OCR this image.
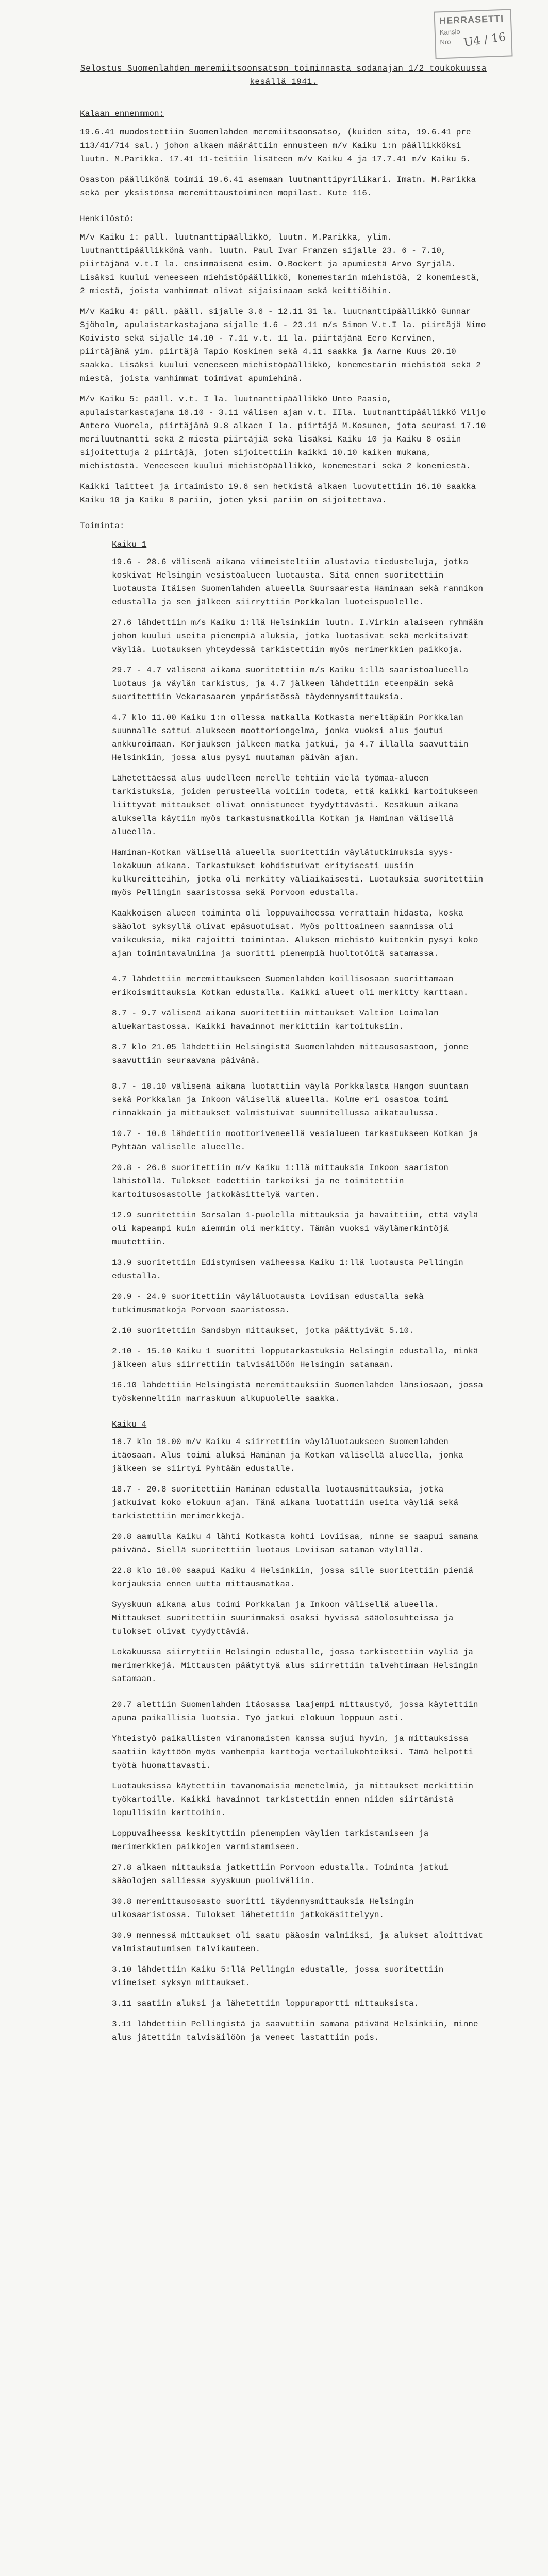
HERRASETTI
Kansio
Nro	U4 / 16
Selostus Suomenlahden meremiitsoonsatson toiminnasta sodanajan 1/2 toukokuussa kesällä 1941.
Kalaan ennenmmon:
19.6.41 muodostettiin Suomenlahden meremiitsoonsatso, (kuiden sita, 19.6.41 pre 113/41/714 sal.) johon alkaen määrättiin ennusteen m/v Kaiku 1:n päällikköksi luutn. M.Parikka. 17.41 11-teitiin lisäteen m/v Kaiku 4 ja 17.7.41 m/v Kaiku 5.
Osaston päällikönä toimii 19.6.41 asemaan luutnanttipyrilikari. Imatn. M.Parikka sekä per yksistönsa meremittaustoiminen mopilast. Kute 116.
Henkilöstö:
M/v Kaiku 1: päll. luutnanttipäällikkö, luutn. M.Parikka, ylim. luutnanttipäällikkönä vanh. luutn. Paul Ivar Franzen sijalle 23. 6 - 7.10, piirtäjänä v.t.I la. ensimmäisenä esim. O.Bockert ja apumiestä Arvo Syrjälä. Lisäksi kuului veneeseen miehistöpäällikkö, konemestarin miehistöä, 2 konemiestä, 2 miestä, joista vanhimmat olivat sijaisinaan sekä keittiöihin.
M/v Kaiku 4: päll. pääll. sijalle 3.6 - 12.11 31 la. luutnanttipäällikkö Gunnar Sjöholm, apulaistarkastajana sijalle 1.6 - 23.11 m/s Simon V.t.I la. piirtäjä Nimo Koivisto sekä sijalle 14.10 - 7.11 v.t. 11 la. piirtäjänä Eero Kervinen, piirtäjänä yim. piirtäjä Tapio Koskinen sekä 4.11 saakka ja Aarne Kuus 20.10 saakka. Lisäksi kuului veneeseen miehistöpäällikkö, konemestarin miehistöä sekä 2 miestä, joista vanhimmat toimivat apumiehinä.
M/v Kaiku 5: pääll. v.t. I la. luutnanttipäällikkö Unto Paasio, apulaistarkastajana 16.10 - 3.11 välisen ajan v.t. IIla. luutnanttipäällikkö Viljo Antero Vuorela, piirtäjänä 9.8 alkaen I la. piirtäjä M.Kosunen, jota seurasi 17.10 meriluutnantti sekä 2 miestä piirtäjiä sekä lisäksi Kaiku 10 ja Kaiku 8 osiin sijoitettuja 2 piirtäjä, joten sijoitettiin kaikki 10.10 kaiken mukana, miehistöstä. Veneeseen kuului miehistöpäällikkö, konemestari sekä 2 konemiestä.
Kaikki laitteet ja irtaimisto 19.6 sen hetkistä alkaen luovutettiin 16.10 saakka Kaiku 10 ja Kaiku 8 pariin, joten yksi pariin on sijoitettava.
Toiminta:
Kaiku 1
19.6 - 28.6 välisenä aikana viimeisteltiin alustavia tiedusteluja, jotka koskivat Helsingin vesistöalueen luotausta. Sitä ennen suoritettiin luotausta Itäisen Suomenlahden alueella Suursaaresta Haminaan sekä rannikon edustalla ja sen jälkeen siirryttiin Porkkalan luoteispuolelle.
27.6 lähdettiin m/s Kaiku 1:llä Helsinkiin luutn. I.Virkin alaiseen ryhmään johon kuului useita pienempiä aluksia, jotka luotasivat sekä merkitsivät väyliä. Luotauksen yhteydessä tarkistettiin myös merimerkkien paikkoja.
29.7 - 4.7 välisenä aikana suoritettiin m/s Kaiku 1:llä saaristoalueella luotaus ja väylän tarkistus, ja 4.7 jälkeen lähdettiin eteenpäin sekä suoritettiin Vekarasaaren ympäristössä täydennysmittauksia.
4.7 klo 11.00 Kaiku 1:n ollessa matkalla Kotkasta mereltäpäin Porkkalan suunnalle sattui alukseen moottoriongelma, jonka vuoksi alus joutui ankkuroimaan. Korjauksen jälkeen matka jatkui, ja 4.7 illalla saavuttiin Helsinkiin, jossa alus pysyi muutaman päivän ajan.
Lähetettäessä alus uudelleen merelle tehtiin vielä työmaa-alueen tarkistuksia, joiden perusteella voitiin todeta, että kaikki kartoitukseen liittyvät mittaukset olivat onnistuneet tyydyttävästi. Kesäkuun aikana aluksella käytiin myös tarkastusmatkoilla Kotkan ja Haminan välisellä alueella.
Haminan-Kotkan välisellä alueella suoritettiin väylätutkimuksia syys-lokakuun aikana. Tarkastukset kohdistuivat erityisesti uusiin kulkureitteihin, jotka oli merkitty väliaikaisesti. Luotauksia suoritettiin myös Pellingin saaristossa sekä Porvoon edustalla.
Kaakkoisen alueen toiminta oli loppuvaiheessa verrattain hidasta, koska sääolot syksyllä olivat epäsuotuisat. Myös polttoaineen saannissa oli vaikeuksia, mikä rajoitti toimintaa. Aluksen miehistö kuitenkin pysyi koko ajan toimintavalmiina ja suoritti pienempiä huoltotöitä satamassa.
4.7 lähdettiin meremittaukseen Suomenlahden koillisosaan suorittamaan erikoismittauksia Kotkan edustalla. Kaikki alueet oli merkitty karttaan.
8.7 - 9.7 välisenä aikana suoritettiin mittaukset Valtion Loimalan aluekartastossa. Kaikki havainnot merkittiin kartoituksiin.
8.7 klo 21.05 lähdettiin Helsingistä Suomenlahden mittausosastoon, jonne saavuttiin seuraavana päivänä.
8.7 - 10.10 välisenä aikana luotattiin väylä Porkkalasta Hangon suuntaan sekä Porkkalan ja Inkoon välisellä alueella. Kolme eri osastoa toimi rinnakkain ja mittaukset valmistuivat suunnitellussa aikataulussa.
10.7 - 10.8 lähdettiin moottoriveneellä vesialueen tarkastukseen Kotkan ja Pyhtään väliselle alueelle.
20.8 - 26.8 suoritettiin m/v Kaiku 1:llä mittauksia Inkoon saariston lähistöllä. Tulokset todettiin tarkoiksi ja ne toimitettiin kartoitusosastolle jatkokäsittelyä varten.
12.9 suoritettiin Sorsalan 1-puolella mittauksia ja havaittiin, että väylä oli kapeampi kuin aiemmin oli merkitty. Tämän vuoksi väylämerkintöjä muutettiin.
13.9 suoritettiin Edistymisen vaiheessa Kaiku 1:llä luotausta Pellingin edustalla.
20.9 - 24.9 suoritettiin väyläluotausta Loviisan edustalla sekä tutkimusmatkoja Porvoon saaristossa.
2.10 suoritettiin Sandsbyn mittaukset, jotka päättyivät 5.10.
2.10 - 15.10 Kaiku 1 suoritti lopputarkastuksia Helsingin edustalla, minkä jälkeen alus siirrettiin talvisäilöön Helsingin satamaan.
16.10 lähdettiin Helsingistä meremittauksiin Suomenlahden länsiosaan, jossa työskenneltiin marraskuun alkupuolelle saakka.
Kaiku 4
16.7 klo 18.00 m/v Kaiku 4 siirrettiin väyläluotaukseen Suomenlahden itäosaan. Alus toimi aluksi Haminan ja Kotkan välisellä alueella, jonka jälkeen se siirtyi Pyhtään edustalle.
18.7 - 20.8 suoritettiin Haminan edustalla luotausmittauksia, jotka jatkuivat koko elokuun ajan. Tänä aikana luotattiin useita väyliä sekä tarkistettiin merimerkkejä.
20.8 aamulla Kaiku 4 lähti Kotkasta kohti Loviisaa, minne se saapui samana päivänä. Siellä suoritettiin luotaus Loviisan sataman väylällä.
22.8 klo 18.00 saapui Kaiku 4 Helsinkiin, jossa sille suoritettiin pieniä korjauksia ennen uutta mittausmatkaa.
Syyskuun aikana alus toimi Porkkalan ja Inkoon välisellä alueella. Mittaukset suoritettiin suurimmaksi osaksi hyvissä sääolosuhteissa ja tulokset olivat tyydyttäviä.
Lokakuussa siirryttiin Helsingin edustalle, jossa tarkistettiin väyliä ja merimerkkejä. Mittausten päätyttyä alus siirrettiin talvehtimaan Helsingin satamaan.
20.7 alettiin Suomenlahden itäosassa laajempi mittaustyö, jossa käytettiin apuna paikallisia luotsia. Työ jatkui elokuun loppuun asti.
Yhteistyö paikallisten viranomaisten kanssa sujui hyvin, ja mittauksissa saatiin käyttöön myös vanhempia karttoja vertailukohteiksi. Tämä helpotti työtä huomattavasti.
Luotauksissa käytettiin tavanomaisia menetelmiä, ja mittaukset merkittiin työkartoille. Kaikki havainnot tarkistettiin ennen niiden siirtämistä lopullisiin karttoihin.
Loppuvaiheessa keskityttiin pienempien väylien tarkistamiseen ja merimerkkien paikkojen varmistamiseen.
27.8 alkaen mittauksia jatkettiin Porvoon edustalla. Toiminta jatkui sääolojen salliessa syyskuun puoliväliin.
30.8 meremittausosasto suoritti täydennysmittauksia Helsingin ulkosaaristossa. Tulokset lähetettiin jatkokäsittelyyn.
30.9 mennessä mittaukset oli saatu pääosin valmiiksi, ja alukset aloittivat valmistautumisen talvikauteen.
3.10 lähdettiin Kaiku 5:llä Pellingin edustalle, jossa suoritettiin viimeiset syksyn mittaukset.
3.11 saatiin aluksi ja lähetettiin loppuraportti mittauksista.
3.11 lähdettiin Pellingistä ja saavuttiin samana päivänä Helsinkiin, minne alus jätettiin talvisäilöön ja veneet lastattiin pois.
